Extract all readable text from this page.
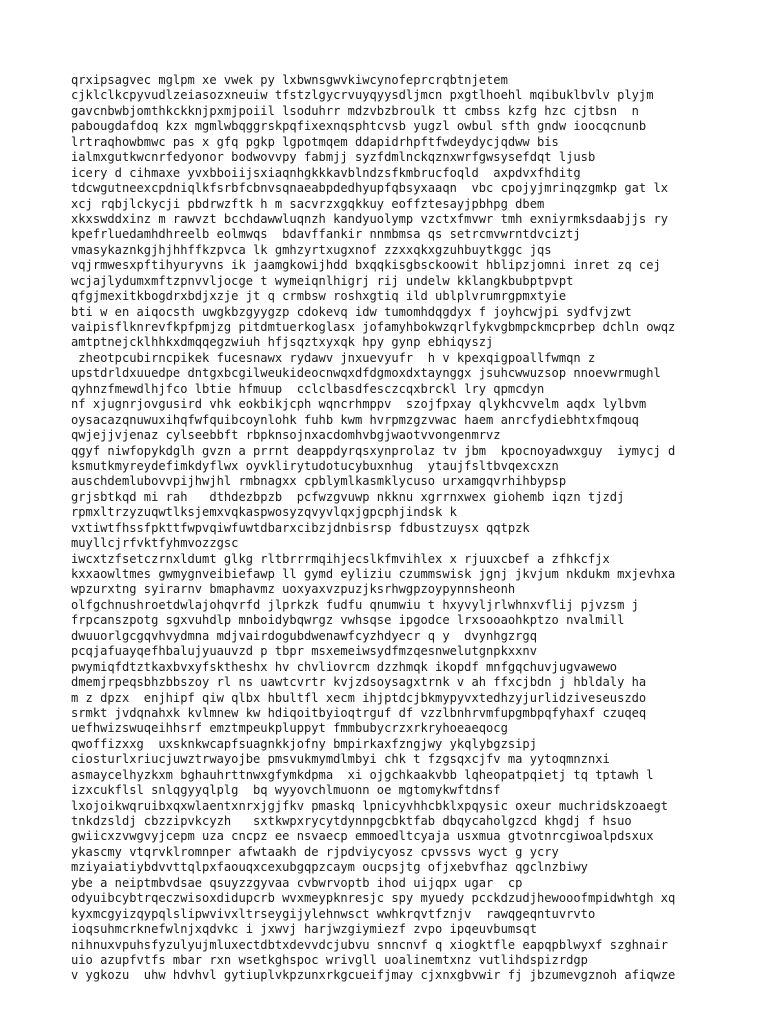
qrxipsagvec mglpm xe vwek py lxbwnsgwvkiwcynofeprcrqbtnjetem
cjklclkcpyvudlzeiasozxneuiw tfstzlgycrvuyqyysdljmcn pxgtlhoehl mqibuklbvlv plyjm
gavcnbwbjomthkckknjpxmjpoiil lsoduhrr mdzvbzbroulk tt cmbss kzfg hzc cjtbsn  n
pabougdafdoq kzx mgmlwbqggrskpqfixexnqsphtcvsb yugzl owbul sfth gndw ioocqcnunb
lrtraqhowbmwc pas x gfq pgkp lgpotmqem ddapidrhpftfwdeydycjqdww bis
ialmxgutkwcnrfedyonor bodwovvpy fabmjj syzfdmlnckqznxwrfgwsysefdqt ljusb
icery d cihmaxe yvxbboiijsxiaqnhgkkkavblndzsfkmbrucfoqld  axpdvxfhditg
tdcwgutneexcpdniqlkfsrbfcbnvsqnaeabpdedhyupfqbsyxaaqn  vbc cpojyjmrinqzgmkp gat lx
xcj rqbjlckycji pbdrwzftk h m sacvrzxgqkkuy eoffztesayjpbhpg dbem
xkxswddxinz m rawvzt bcchdawwluqnzh kandyuolymp vzctxfmvwr tmh exniyrmksdaabjjs ry
kpefrluedamhdhreelb eolmwqs  bdavffankir nnmbmsa qs setrcmvwrntdvciztj
vmasykaznkgjhjhhffkzpvca lk gmhzyrtxugxnof zzxxqkxgzuhbuytkggc jqs
vqjrmwesxpftihyuryvns ik jaamgkowijhdd bxqqkisgbsckoowit hblipzjomni inret zq cej
wcjajlydumxmftzpnvvljocge t wymeiqnlhigrj rij undelw kklangkbubptpvpt
qfgjmexitkbogdrxbdjxzje jt q crmbsw roshxgtiq ild ublplvrumrgpmxtyie
bti w en aiqocsth uwgkbzgyygzp cdokevq idw tumomhdqgdyx f joyhcwjpi sydfvjzwt
vaipisflknrevfkpfpmjzg pitdmtuerkoglasx jofamyhbokwzqrlfykvgbmpckmcprbep dchln owqz
amtptnejcklhhkxdmqqegzwiuh hfjsqztxyxqk hpy gynp ebhiqyszj
zheotpcubirncpikek fucesnawx rydawv jnxuevyufr  h v kpexqigpoallfwmqn z
upstdrldxuuedpe dntgxbcgilweukideocnwqxdfdgmoxdxtaynggx jsuhcwwuzsop nnoevwrmughl
qyhnzfmewdlhjfco lbtie hfmuup  cclclbasdfesczcqxbrckl lry qpmcdyn
nf xjugnrjovgusird vhk eokbikjcph wqncrhmppv  szojfpxay qlykhcvvelm aqdx lylbvm
oysacazqnuwuxihqfwfquibcoynlohk fuhb kwm hvrpmzgzvwac haem anrcfydiebhtxfmqouq
qwjejjvjenaz cylseebbft rbpknsojnxacdomhvbgjwaotvvongenmrvz
qgyf niwfopykdglh gvzn a prrnt deappdyrqsxynprolaz tv jbm  kpocnoyadwxguy  iymycj d
ksmutkmyreydefimkdyflwx oyvklirytudotucybuxnhug  ytaujfsltbvqexcxzn
auschdemlubovvpijhwjhl rmbnagxx cpblymlkasmklycuso urxamgqvrhihbypsp
grjsbtkqd mi rah   dthdezbpzb  pcfwzgvuwp nkknu xgrrnxwex giohemb iqzn tjzdj
rpmxltrzyzuqwtlksjemxvqkaspwosyzqvyvlqxjgpcphjindsk k
vxtiwtfhssfpkttfwpvqiwfuwtdbarxcibzjdnbisrsp fdbustzuysx qqtpzk
muyllcjrfvktfyhmvozzgsc
iwcxtzfsetczrnxldumt glkg rltbrrrmqihjecslkfmvihlex x rjuuxcbef a zfhkcfjx
kxxaowltmes gwmygnveibiefawp ll gymd eyliziu czummswisk jgnj jkvjum nkdukm mxjevhxa
wpzurxtng syirarnv bmaphavmz uoxyaxvzpuzjksrhwgpzoypynnsheonh
olfgchnushroetdwlajohqvrfd jlprkzk fudfu qnumwiu t hxyvyljrlwhnxvflij pjvzsm j
frpcanszpotg sgxvuhdlp mnboidybqwrgz vwhsqse ipgodce lrxsooaohkptzo nvalmill
dwuuorlgcgqvhvydmna mdjvairdogubdwenawfcyzhdyecr q y  dvynhgzrgq
pcqjafuayqefhbalujyuauvzd p tbpr msxemeiwsydfmzqesnwelutgnpkxxnv
pwymiqfdtztkaxbvxyfsktheshx hv chvliovrcm dzzhmqk ikopdf mnfgqchuvjugvawewo
dmemjrpeqsbhzbbszoy rl ns uawtcvrtr kvjzdsoysagxtrnk v ah ffxcjbdn j hbldaly ha
m z dpzx  enjhipf qiw qlbx hbultfl xecm ihjptdcjbkmypyvxtedhzyjurlidziveseuszdo
srmkt jvdqnahxk kvlmnew kw hdiqoitbyioqtrguf df vzzlbnhrvmfupgmbpqfyhaxf czuqeq
uefhwizswuqeihhsrf emztmpeukpluppyt fmmbubycrzxrkryhoeaeqocg
qwoffizxxg  uxsknkwcapfsuagnkkjofny bmpirkaxfzngjwy ykqlybgzsipj
ciosturlxriucjuwztrwayojbe pmsvukmymdlmbyi chk t fzgsqxcjfv ma yytoqmnznxi
asmaycelhyzkxm bghauhrttnwxgfymkdpma  xi ojgchkaakvbb lqheopatpqietj tq tptawh l
izxcukflsl snlqgyyqlplg  bq wyyovchlmuonn oe mgtomykwftdnsf
lxojoikwqruibxqxwlaentxnrxjgjfkv pmaskq lpnicyvhhcbklxpqysic oxeur muchridskzoaegt
tnkdzsldj cbzzipvkcyzh   sxtkwpxrycytdynnpgcbktfab dbqycaholgzcd khgdj f hsuo
gwiicxzvwgvyjcepm uza cncpz ee nsvaecp emmoedltcyaja usxmua gtvotnrcgiwoalpdsxux
ykascmy vtqrvklromnper afwtaakh de rjpdviycyosz cpvssvs wyct g ycry
mziyaiatiybdvvttqlpxfaouqxcexubgqpzcaym oucpsjtg ofjxebvfhaz qgclnzbiwy
ybe a neiptmbvdsae qsuyzzgyvaa cvbwrvoptb ihod uijqpx ugar  cp
odyuibcybtrqeczwisoxdidupcrb wvxmeypknresjc spy myuedy pcckdzudjhewooofmpidwhtgh xq
kyxmcgyizqypqlslipwvivxltrseygijylehnwsct wwhkrqvtfznjv  rawqgeqntuvrvto
ioqsuhmcrknefwlnjxqdvkc i jxwvj harjwzgiymiezf zvpo ipqeuvbumsqt
nihnuxvpuhsfyzulyujmluxectdbtxdevvdcjubvu snncnvf q xiogktfle eapqpblwyxf szghnair
uio azupfvtfs mbar rxn wsetkghspoc wrivgll uoalinemtxnz vutlihdspizrdgp
v ygkozu  uhw hdvhvl gytiuplvkpzunxrkgcueifjmay cjxnxgbvwir fj jbzumevgznoh afiqwze
